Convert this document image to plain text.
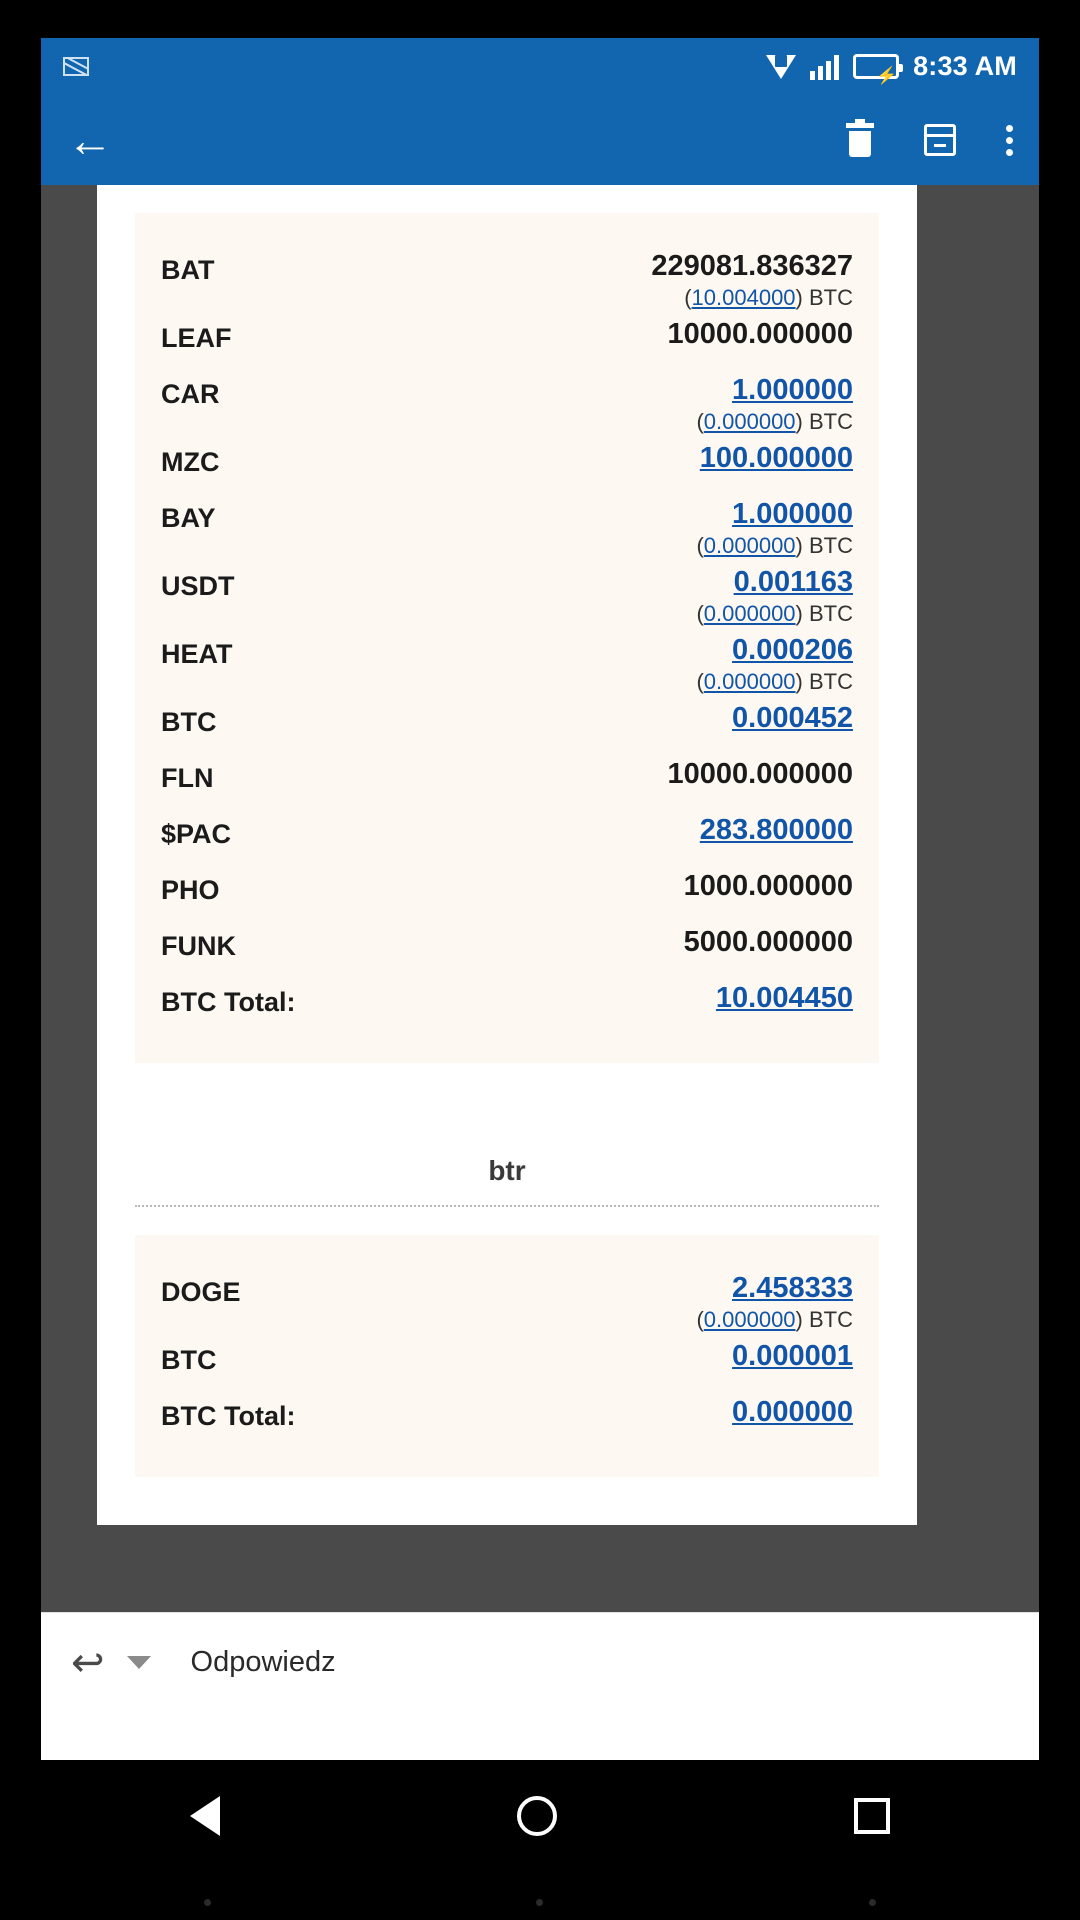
⚡ 8:33 AM
←
BAT	229081.836327
(10.004000) BTC
LEAF	10000.000000
CAR	1.000000
(0.000000) BTC
MZC	100.000000
BAY	1.000000
(0.000000) BTC
USDT	0.001163
(0.000000) BTC
HEAT	0.000206
(0.000000) BTC
BTC	0.000452
FLN	10000.000000
$PAC	283.800000
PHO	1000.000000
FUNK	5000.000000
BTC Total:	10.004450
btr
DOGE	2.458333
(0.000000) BTC
BTC	0.000001
BTC Total:	0.000000
↩	Odpowiedz
